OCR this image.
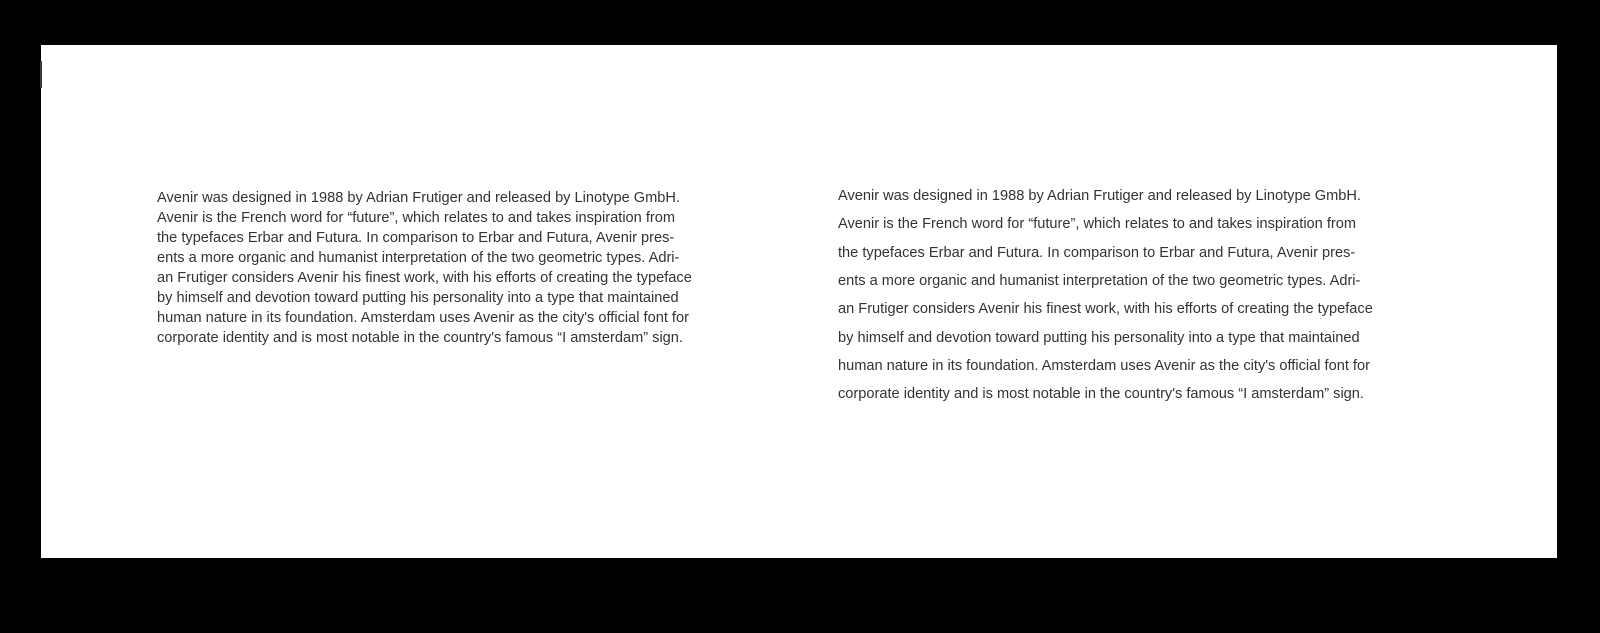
Avenir was designed in 1988 by Adrian Frutiger and released by Linotype GmbH.
Avenir is the French word for “future”, which relates to and takes inspiration from
the typefaces Erbar and Futura. In comparison to Erbar and Futura, Avenir pres-
ents a more organic and humanist interpretation of the two geometric types. Adri-
an Frutiger considers Avenir his finest work, with his efforts of creating the typeface
by himself and devotion toward putting his personality into a type that maintained
human nature in its foundation. Amsterdam uses Avenir as the city's official font for
corporate identity and is most notable in the country's famous “I amsterdam” sign.
Avenir was designed in 1988 by Adrian Frutiger and released by Linotype GmbH.
Avenir is the French word for “future”, which relates to and takes inspiration from
the typefaces Erbar and Futura. In comparison to Erbar and Futura, Avenir pres-
ents a more organic and humanist interpretation of the two geometric types. Adri-
an Frutiger considers Avenir his finest work, with his efforts of creating the typeface
by himself and devotion toward putting his personality into a type that maintained
human nature in its foundation. Amsterdam uses Avenir as the city's official font for
corporate identity and is most notable in the country's famous “I amsterdam” sign.
